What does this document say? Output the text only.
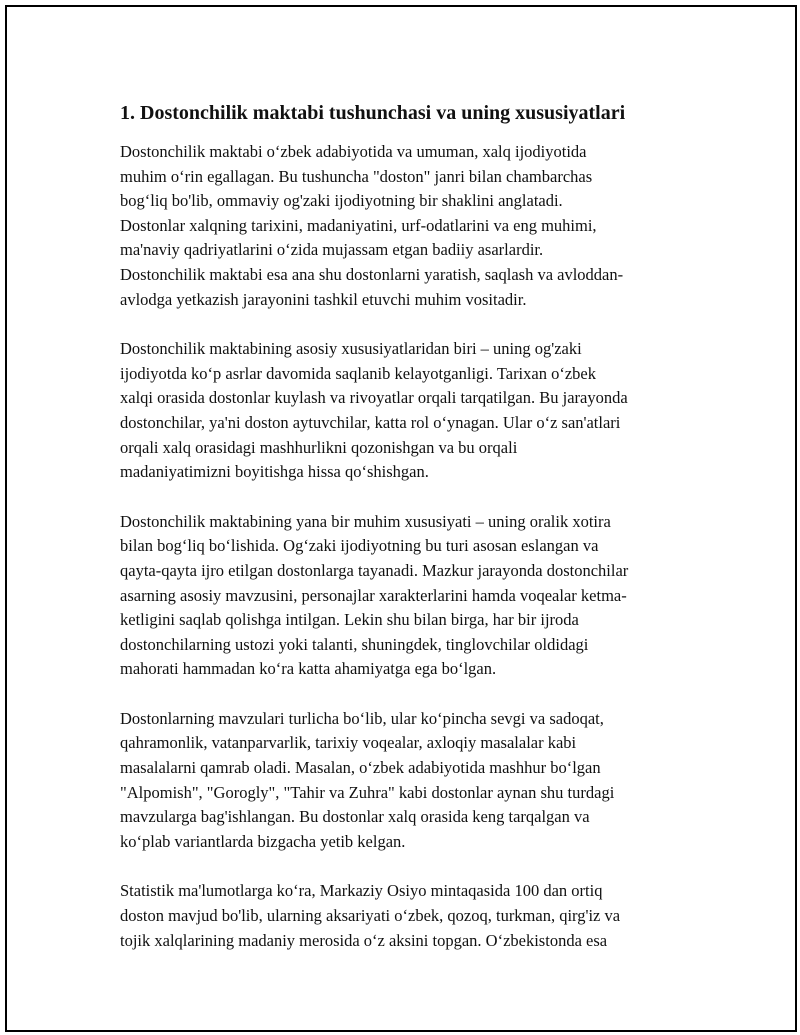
1. Dostonchilik maktabi tushunchasi va uning xususiyatlari

Dostonchilik maktabi o‘zbek adabiyotida va umuman, xalq ijodiyotida
muhim o‘rin egallagan. Bu tushuncha "doston" janri bilan chambarchas
bog‘liq bo'lib, ommaviy og'zaki ijodiyotning bir shaklini anglatadi.
Dostonlar xalqning tarixini, madaniyatini, urf-odatlarini va eng muhimi,
ma'naviy qadriyatlarini o‘zida mujassam etgan badiiy asarlardir.
Dostonchilik maktabi esa ana shu dostonlarni yaratish, saqlash va avloddan-
avlodga yetkazish jarayonini tashkil etuvchi muhim vositadir.

Dostonchilik maktabining asosiy xususiyatlaridan biri – uning og'zaki
ijodiyotda ko‘p asrlar davomida saqlanib kelayotganligi. Tarixan o‘zbek
xalqi orasida dostonlar kuylash va rivoyatlar orqali tarqatilgan. Bu jarayonda
dostonchilar, ya'ni doston aytuvchilar, katta rol o‘ynagan. Ular o‘z san'atlari
orqali xalq orasidagi mashhurlikni qozonishgan va bu orqali
madaniyatimizni boyitishga hissa qo‘shishgan.

Dostonchilik maktabining yana bir muhim xususiyati – uning oralik xotira
bilan bog‘liq bo‘lishida. Og‘zaki ijodiyotning bu turi asosan eslangan va
qayta-qayta ijro etilgan dostonlarga tayanadi. Mazkur jarayonda dostonchilar
asarning asosiy mavzusini, personajlar xarakterlarini hamda voqealar ketma-
ketligini saqlab qolishga intilgan. Lekin shu bilan birga, har bir ijroda
dostonchilarning ustozi yoki talanti, shuningdek, tinglovchilar oldidagi
mahorati hammadan ko‘ra katta ahamiyatga ega bo‘lgan.

Dostonlarning mavzulari turlicha bo‘lib, ular ko‘pincha sevgi va sadoqat,
qahramonlik, vatanparvarlik, tarixiy voqealar, axloqiy masalalar kabi
masalalarni qamrab oladi. Masalan, o‘zbek adabiyotida mashhur bo‘lgan
"Alpomish", "Gorogly", "Tahir va Zuhra" kabi dostonlar aynan shu turdagi
mavzularga bag'ishlangan. Bu dostonlar xalq orasida keng tarqalgan va
ko‘plab variantlarda bizgacha yetib kelgan.

Statistik ma'lumotlarga ko‘ra, Markaziy Osiyo mintaqasida 100 dan ortiq
doston mavjud bo'lib, ularning aksariyati o‘zbek, qozoq, turkman, qirg'iz va
tojik xalqlarining madaniy merosida o‘z aksini topgan. O‘zbekistonda esa
